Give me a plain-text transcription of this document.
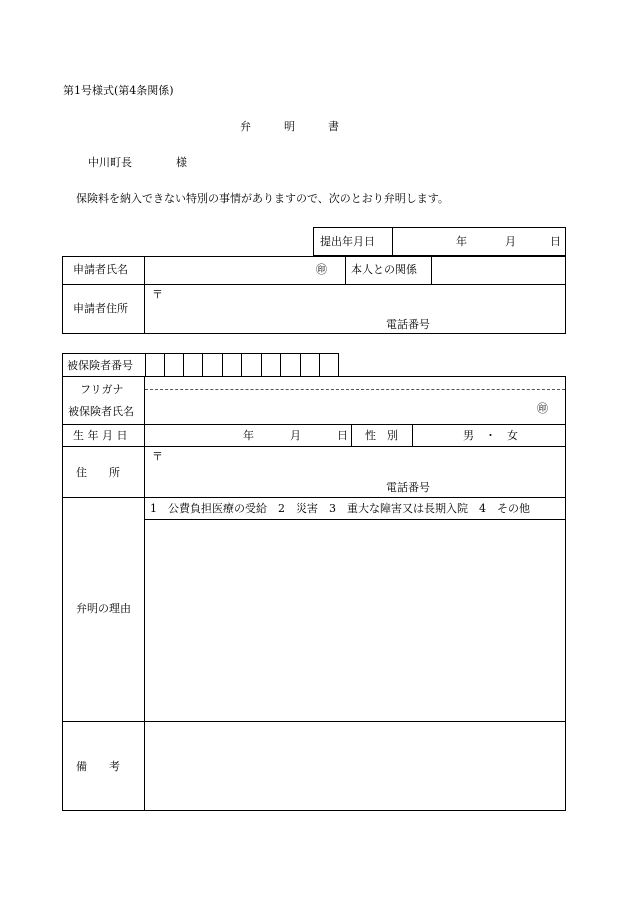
第1号様式(第4条関係)
弁　　　明　　　書
中川町長　　　　様
保険料を納入できない特別の事情がありますので、次のとおり弁明します。
提出年月日	年	月	日
申請者氏名	㊞ 本人との関係
申請者住所
〒
電話番号
被保険者番号
フリガナ
被保険者氏名	㊞
生 年 月 日	年	月	日 性　別	男　・　女
住　　所
〒
電話番号
弁明の理由
1　公費負担医療の受給　2　災害　3　重大な障害又は長期入院　4　その他
備　　考
